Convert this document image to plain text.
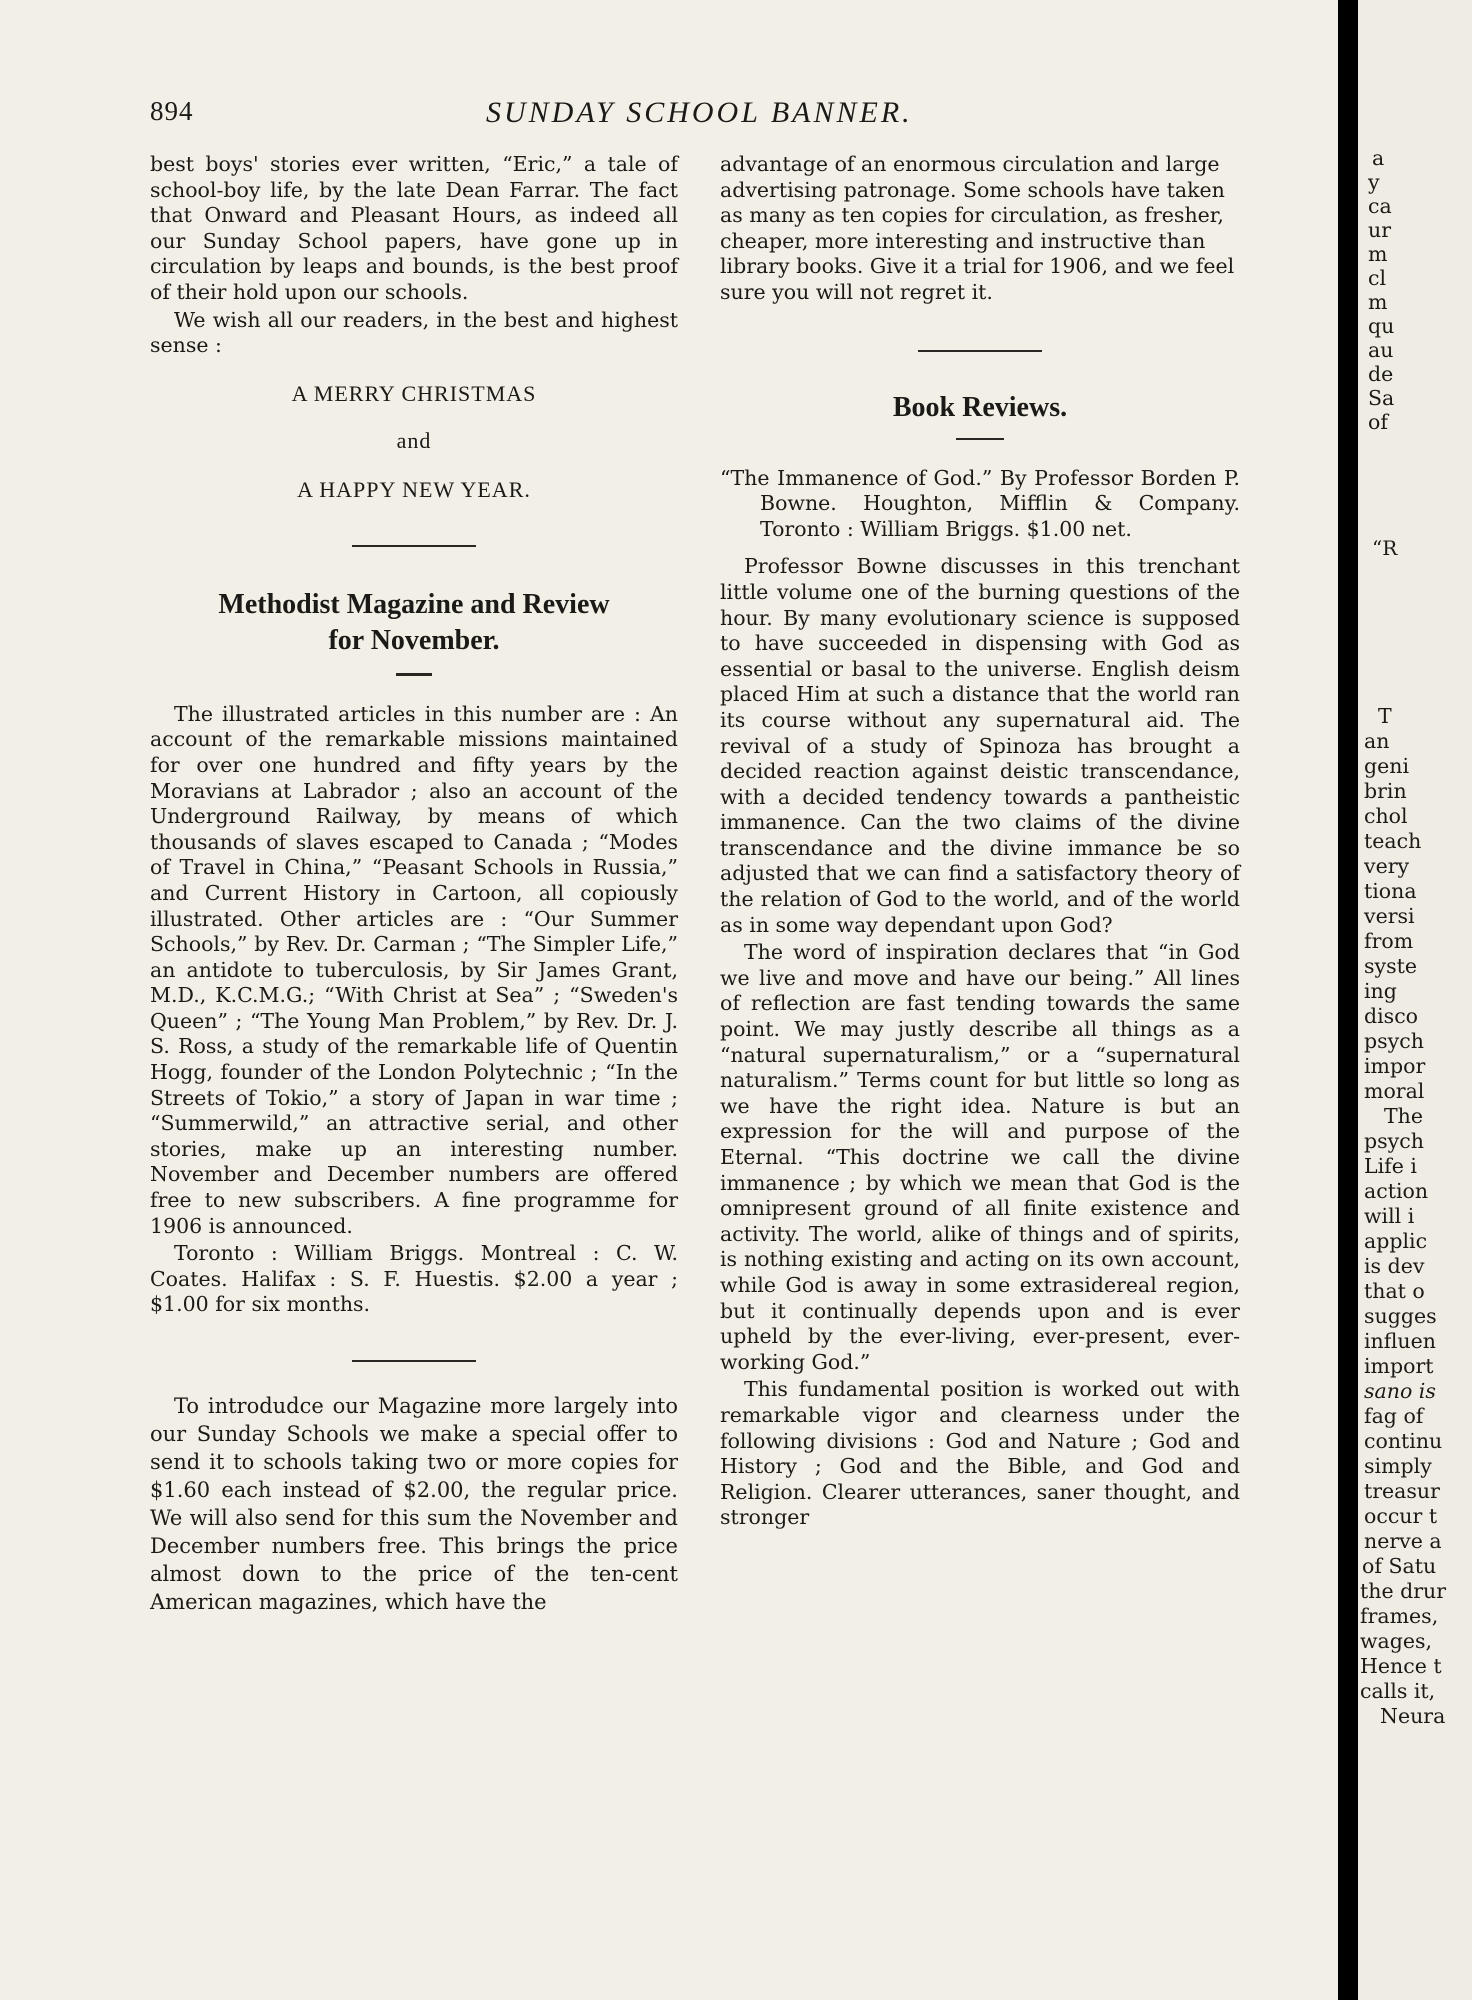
894	SUNDAY SCHOOL BANNER.

best boys' stories ever written, “Eric,” a tale of school-boy life, by the late Dean Farrar. The fact that Onward and Pleasant Hours, as indeed all our Sunday School papers, have gone up in circulation by leaps and bounds, is the best proof of their hold upon our schools.

We wish all our readers, in the best and highest sense :

A MERRY CHRISTMAS
and
A HAPPY NEW YEAR.
Methodist Magazine and Review
for November.

The illustrated articles in this number are : An account of the remarkable missions maintained for over one hundred and fifty years by the Moravians at Labrador ; also an account of the Underground Railway, by means of which thousands of slaves escaped to Canada ; “Modes of Travel in China,” “Peasant Schools in Russia,” and Current History in Cartoon, all copiously illustrated. Other articles are : “Our Summer Schools,” by Rev. Dr. Carman ; “The Simpler Life,” an antidote to tuberculosis, by Sir James Grant, M.D., K.C.M.G.; “With Christ at Sea” ; “Sweden's Queen” ; “The Young Man Problem,” by Rev. Dr. J. S. Ross, a study of the remarkable life of Quentin Hogg, founder of the London Polytechnic ; “In the Streets of Tokio,” a story of Japan in war time ; “Summerwild,” an attractive serial, and other stories, make up an interesting number. November and December numbers are offered free to new subscribers. A fine programme for 1906 is announced.

Toronto : William Briggs. Montreal : C. W. Coates. Halifax : S. F. Huestis. $2.00 a year ; $1.00 for six months.

To introdudce our Magazine more largely into our Sunday Schools we make a special offer to send it to schools taking two or more copies for $1.60 each instead of $2.00, the regular price. We will also send for this sum the November and December numbers free. This brings the price almost down to the price of the ten-cent American magazines, which have the

advantage of an enormous circulation and large advertising patronage. Some schools have taken as many as ten copies for circulation, as fresher, cheaper, more interesting and instructive than library books. Give it a trial for 1906, and we feel sure you will not regret it.

Book Reviews.

“The Immanence of God.” By Professor Borden P. Bowne. Houghton, Mifflin & Company. Toronto : William Briggs. $1.00 net.

Professor Bowne discusses in this trenchant little volume one of the burning questions of the hour. By many evolutionary science is supposed to have succeeded in dispensing with God as essential or basal to the universe. English deism placed Him at such a distance that the world ran its course without any supernatural aid. The revival of a study of Spinoza has brought a decided reaction against deistic transcendance, with a decided tendency towards a pantheistic immanence. Can the two claims of the divine transcendance and the divine immance be so adjusted that we can find a satisfactory theory of the relation of God to the world, and of the world as in some way dependant upon God?

The word of inspiration declares that “in God we live and move and have our being.” All lines of reflection are fast tending towards the same point. We may justly describe all things as a “natural supernaturalism,” or a “supernatural naturalism.” Terms count for but little so long as we have the right idea. Nature is but an expression for the will and purpose of the Eternal. “This doctrine we call the divine immanence ; by which we mean that God is the omnipresent ground of all finite existence and activity. The world, alike of things and of spirits, is nothing existing and acting on its own account, while God is away in some extrasidereal region, but it continually depends upon and is ever upheld by the ever-living, ever-present, ever-working God.”

This fundamental position is worked out with remarkable vigor and clearness under the following divisions : God and Nature ; God and History ; God and the Bible, and God and Religion. Clearer utterances, saner thought, and stronger

a
y
ca
ur
m
cl
m
qu
au
de
Sa
of
“R
T
an
geni
brin
chol
teach
very
tiona
versi
from
syste
ing
disco
psych
impor
moral
The
psych
Life i
action
will i
applic
is dev
that o
sugges
influen
import
sano is
fag of
continu
simply
treasur
occur t
nerve a
of Satu
the drur
frames,
wages,
Hence t
calls it,
Neura
